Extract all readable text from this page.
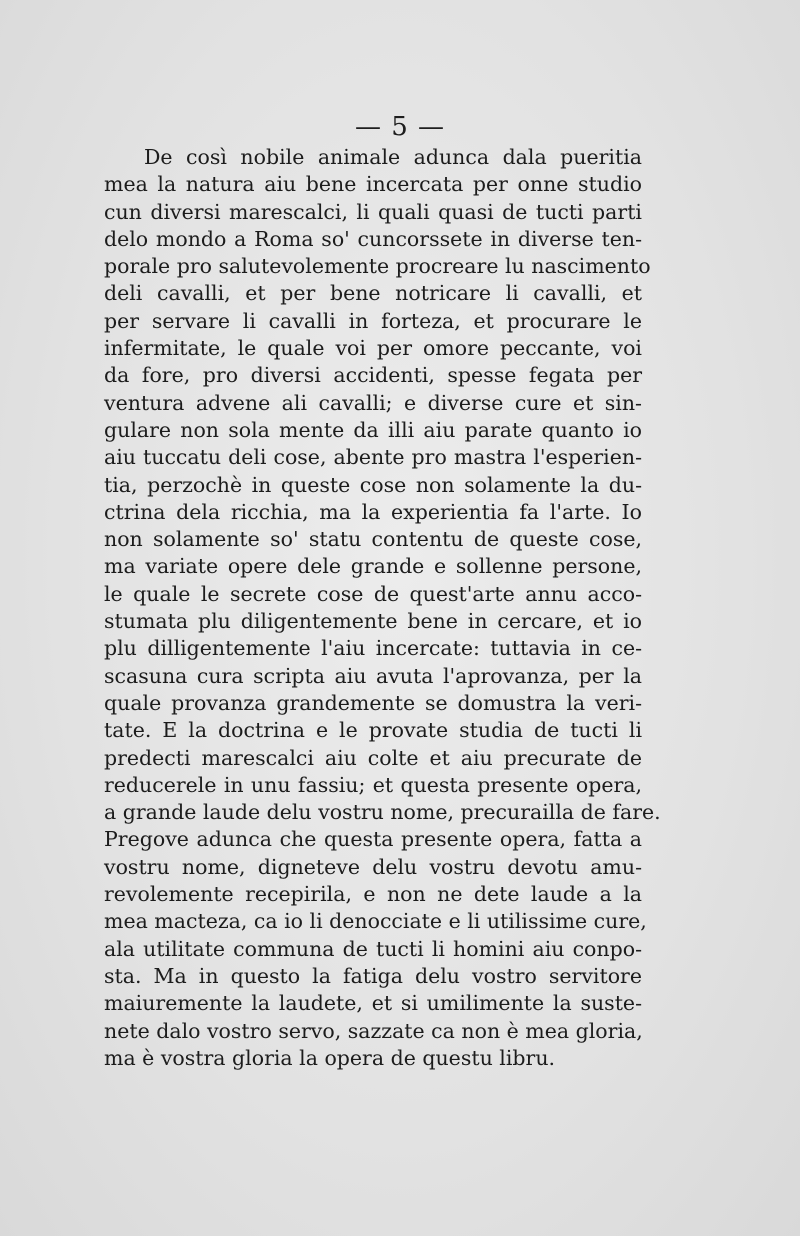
— 5 —
De così nobile animale adunca dala pueritia
mea la natura aiu bene incercata per onne studio
cun diversi marescalci, li quali quasi de tucti parti
delo mondo a Roma so' cuncorssete in diverse ten-
porale pro salutevolemente procreare lu nascimento
deli cavalli, et per bene notricare li cavalli, et
per servare li cavalli in forteza, et procurare le
infermitate, le quale voi per omore peccante, voi
da fore, pro diversi accidenti, spesse fegata per
ventura advene ali cavalli; e diverse cure et sin-
gulare non sola mente da illi aiu parate quanto io
aiu tuccatu deli cose, abente pro mastra l'esperien-
tia, perzochè in queste cose non solamente la du-
ctrina dela ricchia, ma la experientia fa l'arte. Io
non solamente so' statu contentu de queste cose,
ma variate opere dele grande e sollenne persone,
le quale le secrete cose de quest'arte annu acco-
stumata plu diligentemente bene in cercare, et io
plu dilligentemente l'aiu incercate: tuttavia in ce-
scasuna cura scripta aiu avuta l'aprovanza, per la
quale provanza grandemente se domustra la veri-
tate. E la doctrina e le provate studia de tucti li
predecti marescalci aiu colte et aiu precurate de
reducerele in unu fassiu; et questa presente opera,
a grande laude delu vostru nome, precurailla de fare.
Pregove adunca che questa presente opera, fatta a
vostru nome, digneteve delu vostru devotu amu-
revolemente recepirila, e non ne dete laude a la
mea macteza, ca io li denocciate e li utilissime cure,
ala utilitate communa de tucti li homini aiu conpo-
sta. Ma in questo la fatiga delu vostro servitore
maiuremente la laudete, et si umilimente la suste-
nete dalo vostro servo, sazzate ca non è mea gloria,
ma è vostra gloria la opera de questu libru.
